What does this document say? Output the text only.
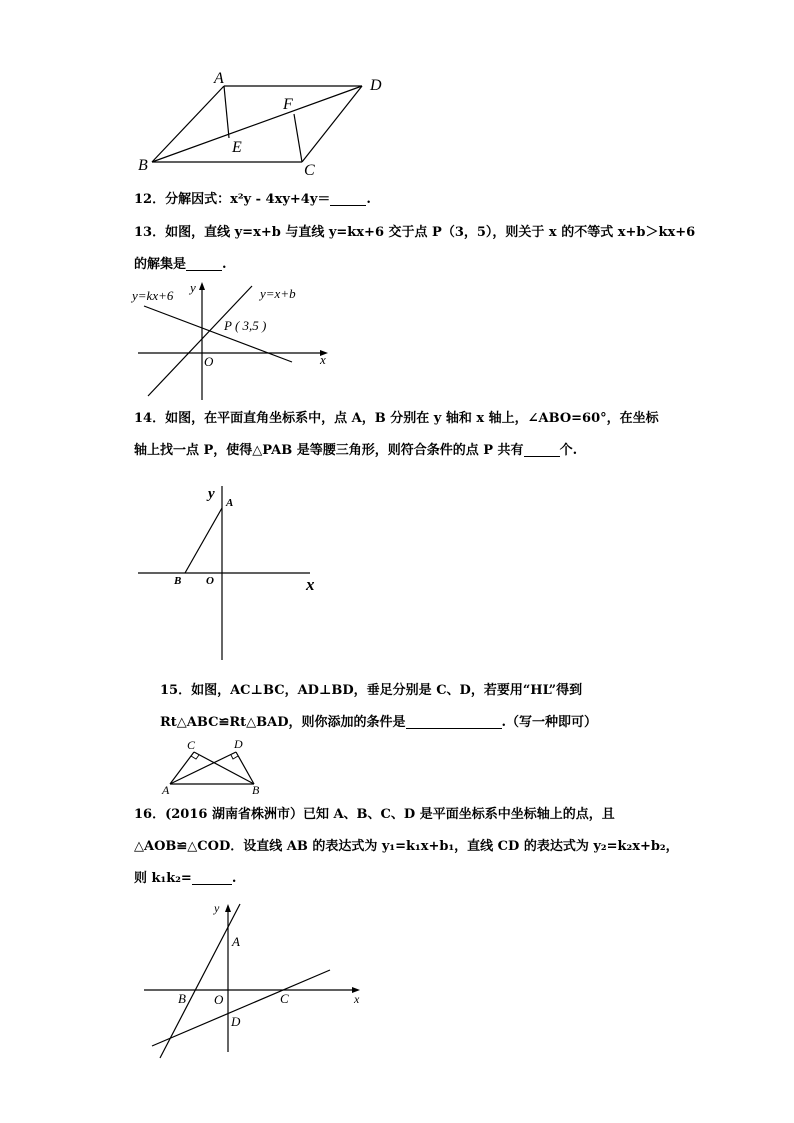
A	D
B	C
E
F
12．分解因式：x²y - 4xy+4y＝	.
13．如图，直线 y=x+b 与直线 y=kx+6 交于点 P（3，5），则关于 x 的不等式 x+b＞kx+6
的解集是	.
y=kx+6	y=x+b
P ( 3,5 )
y
x
O
14．如图，在平面直角坐标系中，点 A，B 分别在 y 轴和 x 轴上，∠ABO=60°，在坐标
轴上找一点 P，使得△PAB 是等腰三角形，则符合条件的点 P 共有	个.
y
x
A
B O
15．如图，AC⊥BC，AD⊥BD，垂足分别是 C、D，若要用“HL”得到
Rt△ABC≌Rt△BAD，则你添加的条件是	.（写一种即可）
A	B
C	D
16．(2016 湖南省株洲市）已知 A、B、C、D 是平面坐标系中坐标轴上的点，且
△AOB≌△COD．设直线 AB 的表达式为 y₁=k₁x+b₁，直线 CD 的表达式为 y₂=k₂x+b₂，
则 k₁k₂=	.
y
x
A
B	C
D
O
